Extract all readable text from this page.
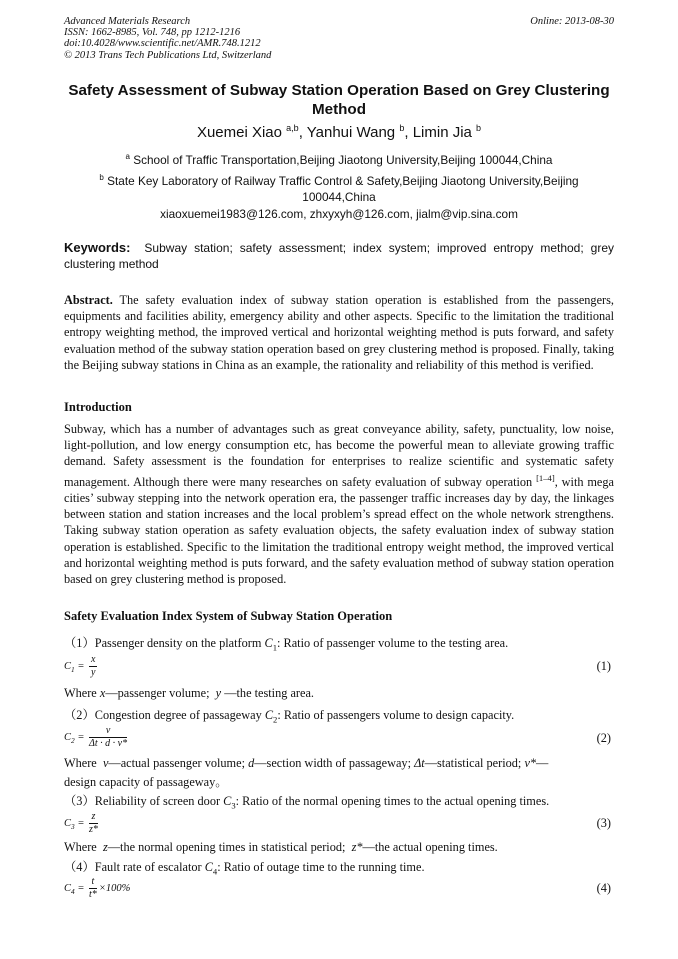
Advanced Materials Research
ISSN: 1662-8985, Vol. 748, pp 1212-1216
doi:10.4028/www.scientific.net/AMR.748.1212
© 2013 Trans Tech Publications Ltd, Switzerland
Online: 2013-08-30
Safety Assessment of Subway Station Operation Based on Grey Clustering Method
Xuemei Xiao $^{a,b}$, Yanhui Wang $^b$, Limin Jia $^b$
$^a$ School of Traffic Transportation,Beijing Jiaotong University,Beijing 100044,China
$^b$ State Key Laboratory of Railway Traffic Control & Safety,Beijing Jiaotong University,Beijing 100044,China
xiaoxuemei1983@126.com, zhxyxyh@126.com, jialm@vip.sina.com
Keywords: Subway station; safety assessment; index system; improved entropy method; grey clustering method
Abstract. The safety evaluation index of subway station operation is established from the passengers, equipments and facilities ability, emergency ability and other aspects. Specific to the limitation the traditional entropy weighting method, the improved vertical and horizontal weighting method is puts forward, and safety evaluation method of the subway station operation based on grey clustering method is proposed. Finally, taking the Beijing subway stations in China as an example, the rationality and reliability of this method is verified.
Introduction
Subway, which has a number of advantages such as great conveyance ability, safety, punctuality, low noise, light-pollution, and low energy consumption etc, has become the powerful mean to alleviate growing traffic demand. Safety assessment is the foundation for enterprises to realize scientific and systematic safety management. Although there were many researches on safety evaluation of subway operation [1–4], with mega cities’ subway stepping into the network operation era, the passenger traffic increases day by day, the linkages between station and station increases and the local problem’s spread effect on the whole network strengthens. Taking subway station operation as safety evaluation objects, the safety evaluation index of subway station operation is established. Specific to the limitation the traditional entropy weight method, the improved vertical and horizontal weighting method is puts forward, and the safety evaluation method of subway station operation based on grey clustering method is proposed.
Safety Evaluation Index System of Subway Station Operation
（1）Passenger density on the platform $C_1$: Ratio of passenger volume to the testing area.
$C_1 = \frac{x}{y}$	(1)
Where x—passenger volume; y —the testing area.
（2）Congestion degree of passageway $C_2$: Ratio of passengers volume to design capacity.
$C_2 = \frac{v}{\Delta t \cdot d \cdot v*}$	(2)
Where v—actual passenger volume; d—section width of passageway; Δt—statistical period; v*—
design capacity of passageway。
（3）Reliability of screen door $C_3$: Ratio of the normal opening times to the actual opening times.
$C_3 = \frac{z}{z*}$	(3)
Where z—the normal opening times in statistical period; z*—the actual opening times.
（4）Fault rate of escalator $C_4$: Ratio of outage time to the running time.
$C_4 = \frac{t}{t*} \times 100\%$	(4)
